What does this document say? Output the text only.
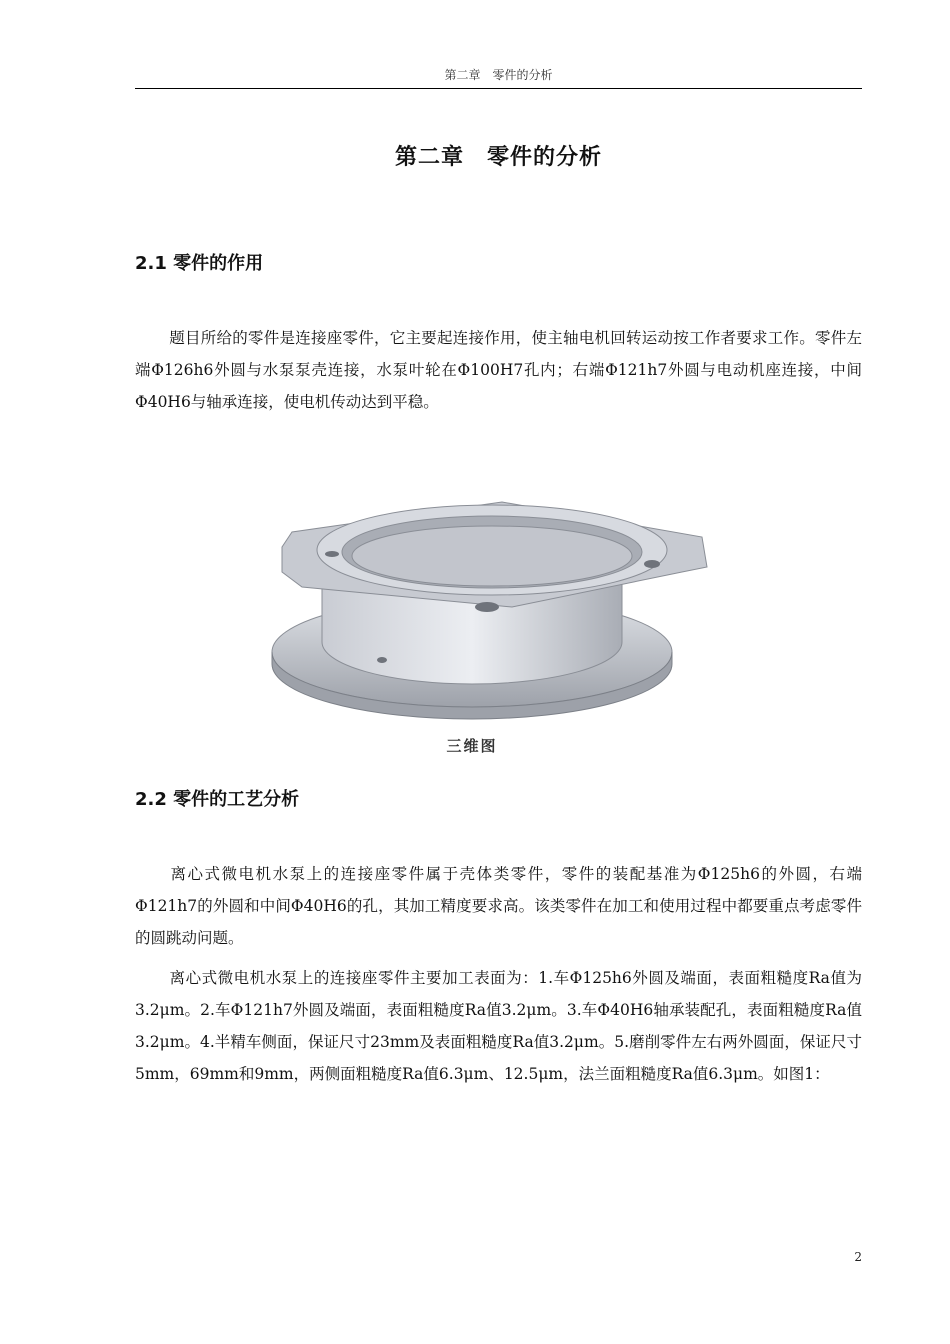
第二章　零件的分析
第二章　零件的分析
2.1 零件的作用

题目所给的零件是连接座零件，它主要起连接作用，使主轴电机回转运动按工作者要求工作。零件左端Φ126h6外圆与水泵泵壳连接，水泵叶轮在Φ100H7孔内；右端Φ121h7外圆与电动机座连接，中间Φ40H6与轴承连接，使电机传动达到平稳。

三维图
2.2 零件的工艺分析

离心式微电机水泵上的连接座零件属于壳体类零件，零件的装配基准为Φ125h6的外圆，右端Φ121h7的外圆和中间Φ40H6的孔，其加工精度要求高。该类零件在加工和使用过程中都要重点考虑零件的圆跳动问题。

离心式微电机水泵上的连接座零件主要加工表面为：1.车Φ125h6外圆及端面，表面粗糙度Ra值为3.2μm。2.车Φ121h7外圆及端面，表面粗糙度Ra值3.2μm。3.车Φ40H6轴承装配孔，表面粗糙度Ra值3.2μm。4.半精车侧面，保证尺寸23mm及表面粗糙度Ra值3.2μm。5.磨削零件左右两外圆面，保证尺寸5mm，69mm和9mm，两侧面粗糙度Ra值6.3μm、12.5μm，法兰面粗糙度Ra值6.3μm。如图1：

2
